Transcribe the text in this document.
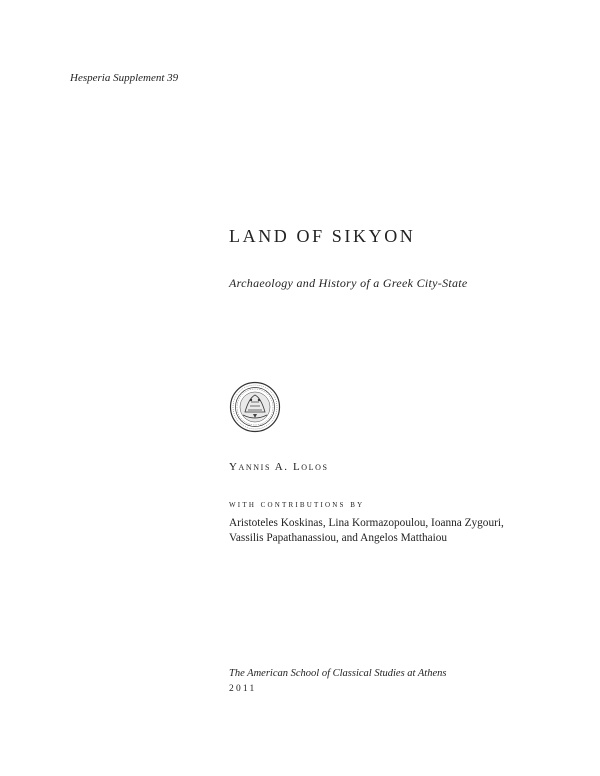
Hesperia Supplement 39
LAND OF SIKYON
Archaeology and History of a Greek City-State
Yannis A. Lolos
with contributions by
Aristoteles Koskinas, Lina Kormazopoulou, Ioanna Zygouri,
Vassilis Papathanassiou, and Angelos Matthaiou
The American School of Classical Studies at Athens
2011
